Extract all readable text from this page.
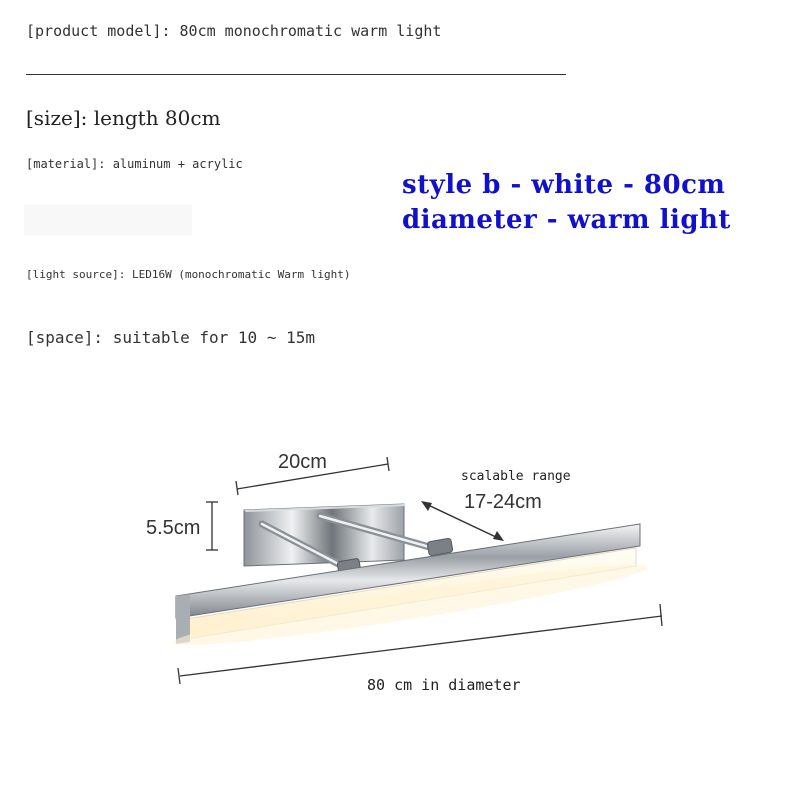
[product model]: 80cm monochromatic warm light
[size]: length 80cm
[material]: aluminum + acrylic
style b - white - 80cm
diameter - warm light
[light source]: LED16W (monochromatic Warm light)
[space]: suitable for 10 ~ 15m
20cm
5.5cm
scalable range
17-24cm
80 cm in diameter
